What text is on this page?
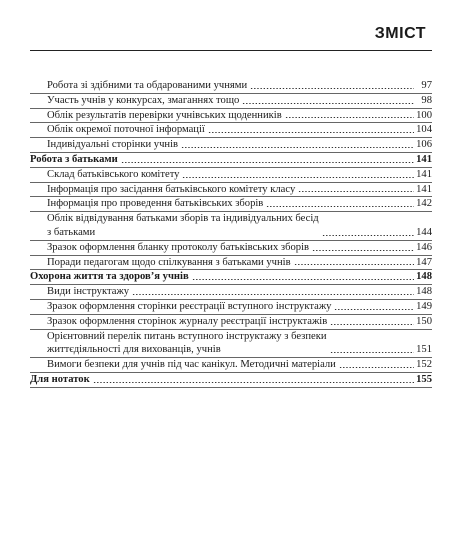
ЗМІСТ
Робота зі здібними та обдарованими учнями	97
Участь учнів у конкурсах, змаганнях тощо	98
Облік результатів перевірки учнівських щоденників	100
Облік окремої поточної інформації	104
Індивідуальні сторінки учнів	106
Робота з батьками	141
Склад батьківського комітету	141
Інформація про засідання батьківського комітету класу	141
Інформація про проведення батьківських зборів	142
Облік відвідування батьками зборів та індивідуальних бесід
з батьками	144
Зразок оформлення бланку протоколу батьківських зборів	146
Поради педагогам щодо спілкування з батьками учнів	147
Охорона життя та здоров’я учнів	148
Види інструктажу	148
Зразок оформлення сторінки реєстрації вступного інструктажу	149
Зразок оформлення сторінок журналу реєстрації інструктажів	150
Орієнтовний перелік питань вступного інструктажу з безпеки
життєдіяльності для вихованців, учнів	151
Вимоги безпеки для учнів під час канікул. Методичні матеріали	152
Для нотаток	155
